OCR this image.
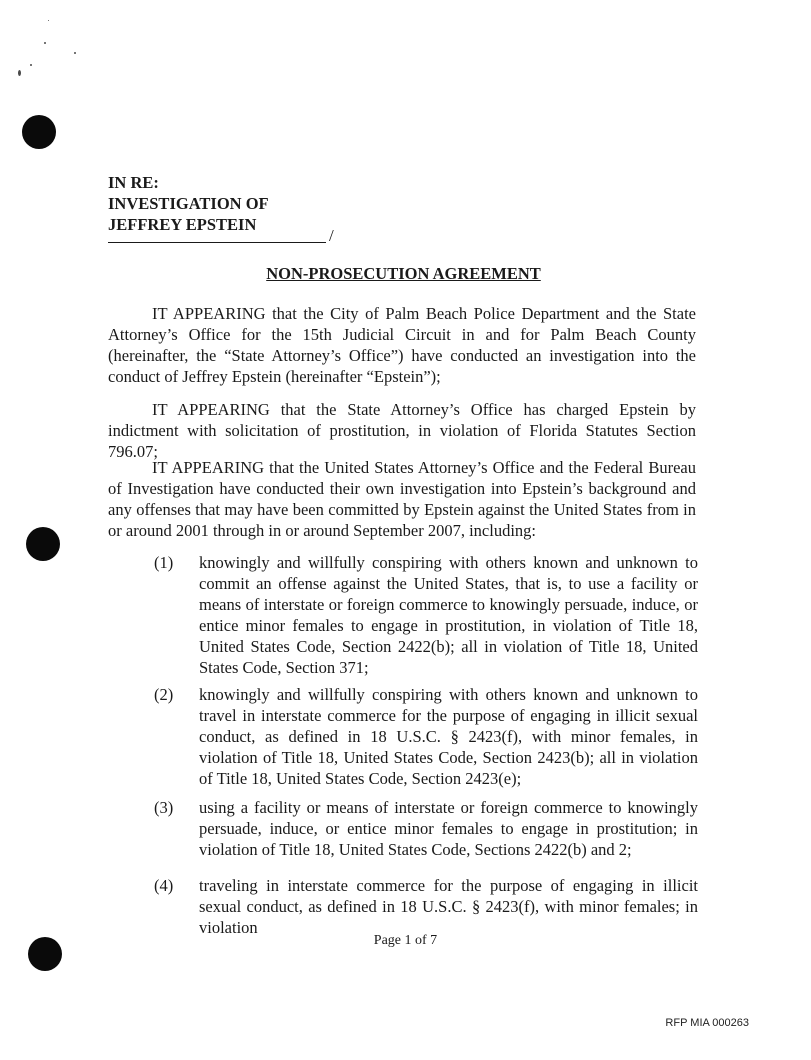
IN RE:
INVESTIGATION OF
JEFFREY EPSTEIN
/
NON-PROSECUTION AGREEMENT
IT APPEARING that the City of Palm Beach Police Department and the State Attorney’s Office for the 15th Judicial Circuit in and for Palm Beach County (hereinafter, the “State Attorney’s Office”) have conducted an investigation into the conduct of Jeffrey Epstein (hereinafter “Epstein”);
IT APPEARING that the State Attorney’s Office has charged Epstein by indictment with solicitation of prostitution, in violation of Florida Statutes Section 796.07;
IT APPEARING that the United States Attorney’s Office and the Federal Bureau of Investigation have conducted their own investigation into Epstein’s background and any offenses that may have been committed by Epstein against the United States from in or around 2001 through in or around September 2007, including:
(1) knowingly and willfully conspiring with others known and unknown to commit an offense against the United States, that is, to use a facility or means of interstate or foreign commerce to knowingly persuade, induce, or entice minor females to engage in prostitution, in violation of Title 18, United States Code, Section 2422(b); all in violation of Title 18, United States Code, Section 371;
(2) knowingly and willfully conspiring with others known and unknown to travel in interstate commerce for the purpose of engaging in illicit sexual conduct, as defined in 18 U.S.C. § 2423(f), with minor females, in violation of Title 18, United States Code, Section 2423(b); all in violation of Title 18, United States Code, Section 2423(e);
(3) using a facility or means of interstate or foreign commerce to knowingly persuade, induce, or entice minor females to engage in prostitution; in violation of Title 18, United States Code, Sections 2422(b) and 2;
(4) traveling in interstate commerce for the purpose of engaging in illicit sexual conduct, as defined in 18 U.S.C. § 2423(f), with minor females; in violation
Page 1 of 7
RFP MIA 000263
